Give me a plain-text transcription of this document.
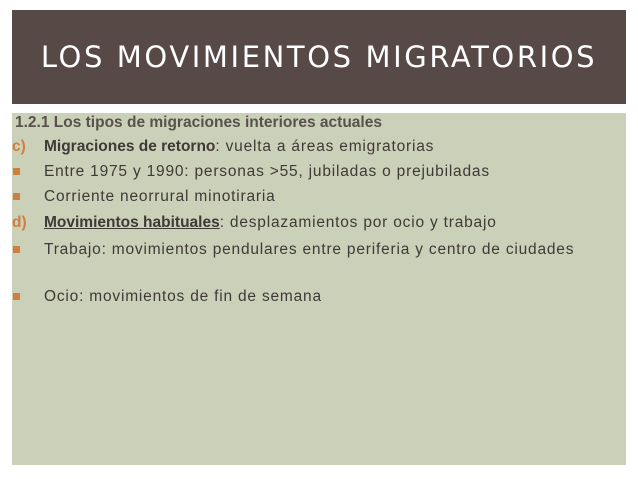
LOS MOVIMIENTOS MIGRATORIOS
1.2.1 Los tipos de migraciones interiores actuales
c) Migraciones de retorno: vuelta a áreas emigratorias
Entre 1975 y 1990: personas >55, jubiladas o prejubiladas
Corriente neorrural minotiraria
d) Movimientos habituales: desplazamientos por ocio y trabajo
Trabajo: movimientos pendulares entre periferia y centro de ciudades
Ocio: movimientos de fin de semana
